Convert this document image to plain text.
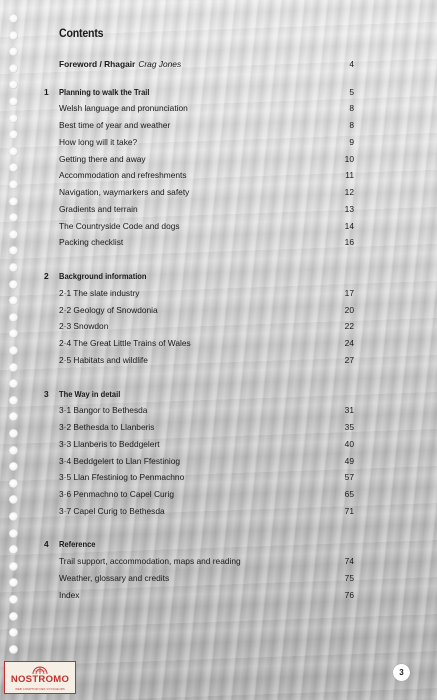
Contents
Foreword / Rhagair Crag Jones	4
1 Planning to walk the Trail	5
Welsh language and pronunciation	8
Best time of year and weather	8
How long will it take?	9
Getting there and away	10
Accommodation and refreshments	11
Navigation, waymarkers and safety	12
Gradients and terrain	13
The Countryside Code and dogs	14
Packing checklist	16
2 Background information
2·1 The slate industry	17
2·2 Geology of Snowdonia	20
2·3 Snowdon	22
2·4 The Great Little Trains of Wales	24
2·5 Habitats and wildlife	27
3 The Way in detail
3·1 Bangor to Bethesda	31
3·2 Bethesda to Llanberis	35
3·3 Llanberis to Beddgelert	40
3·4 Beddgelert to Llan Ffestiniog	49
3·5 Llan Ffestiniog to Penmachno	57
3·6 Penmachno to Capel Curig	65
3·7 Capel Curig to Bethesda	71
4 Reference
Trail support, accommodation, maps and reading	74
Weather, glossary and credits	75
Index	76
NOSTROMO
WEB COMPTOIR DES VOYAGEURS
3
